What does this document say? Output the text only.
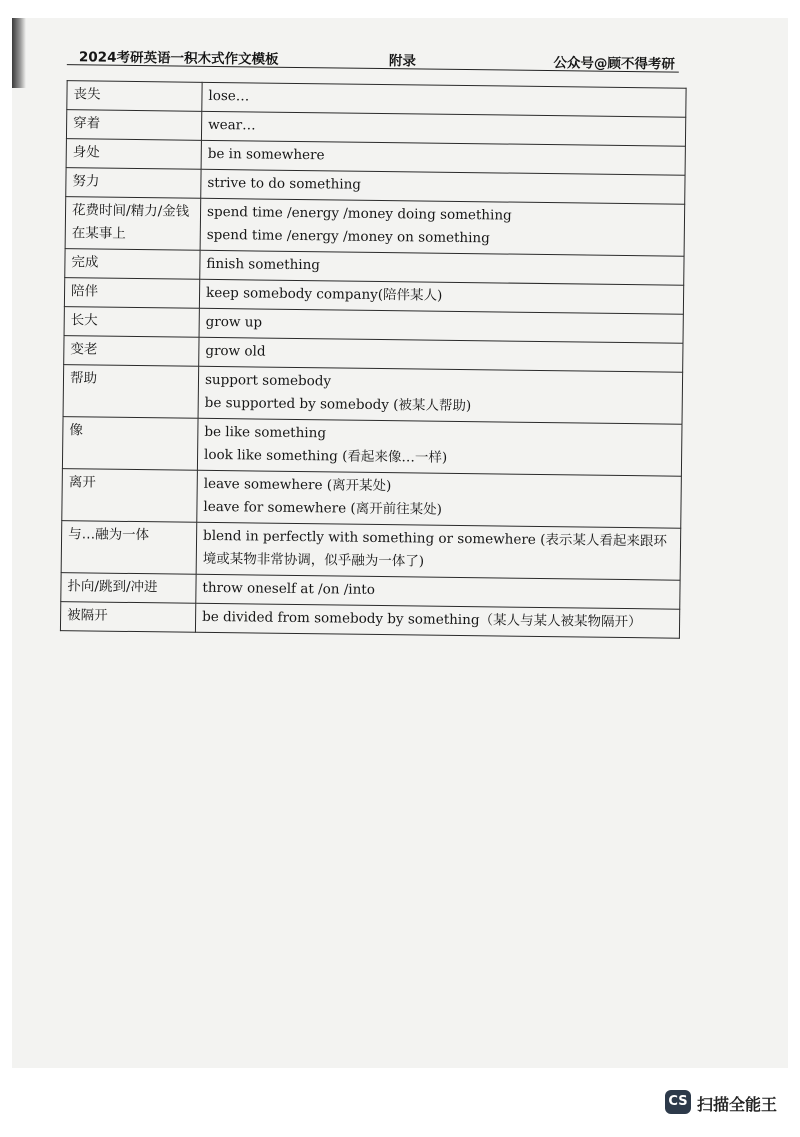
2024考研英语一积木式作文模板	附录	公众号@顾不得考研
丧失	lose…

穿着	wear…

身处	be in somewhere

努力	strive to do something

花费时间/精力/金钱在某事上	spend time /energy /money doing something
spend time /energy /money on something

完成	finish something

陪伴	keep somebody company(陪伴某人)

长大	grow up

变老	grow old

帮助	support somebody
be supported by somebody (被某人帮助)

像	be like something
look like something (看起来像…一样)

离开	leave somewhere (离开某处)
leave for somewhere (离开前往某处)

与…融为一体	blend in perfectly with something or somewhere (表示某人看起来跟环境或某物非常协调，似乎融为一体了)

扑向/跳到/冲进	throw oneself at /on /into

被隔开	be divided from somebody by something（某人与某人被某物隔开）
CS 扫描全能王
